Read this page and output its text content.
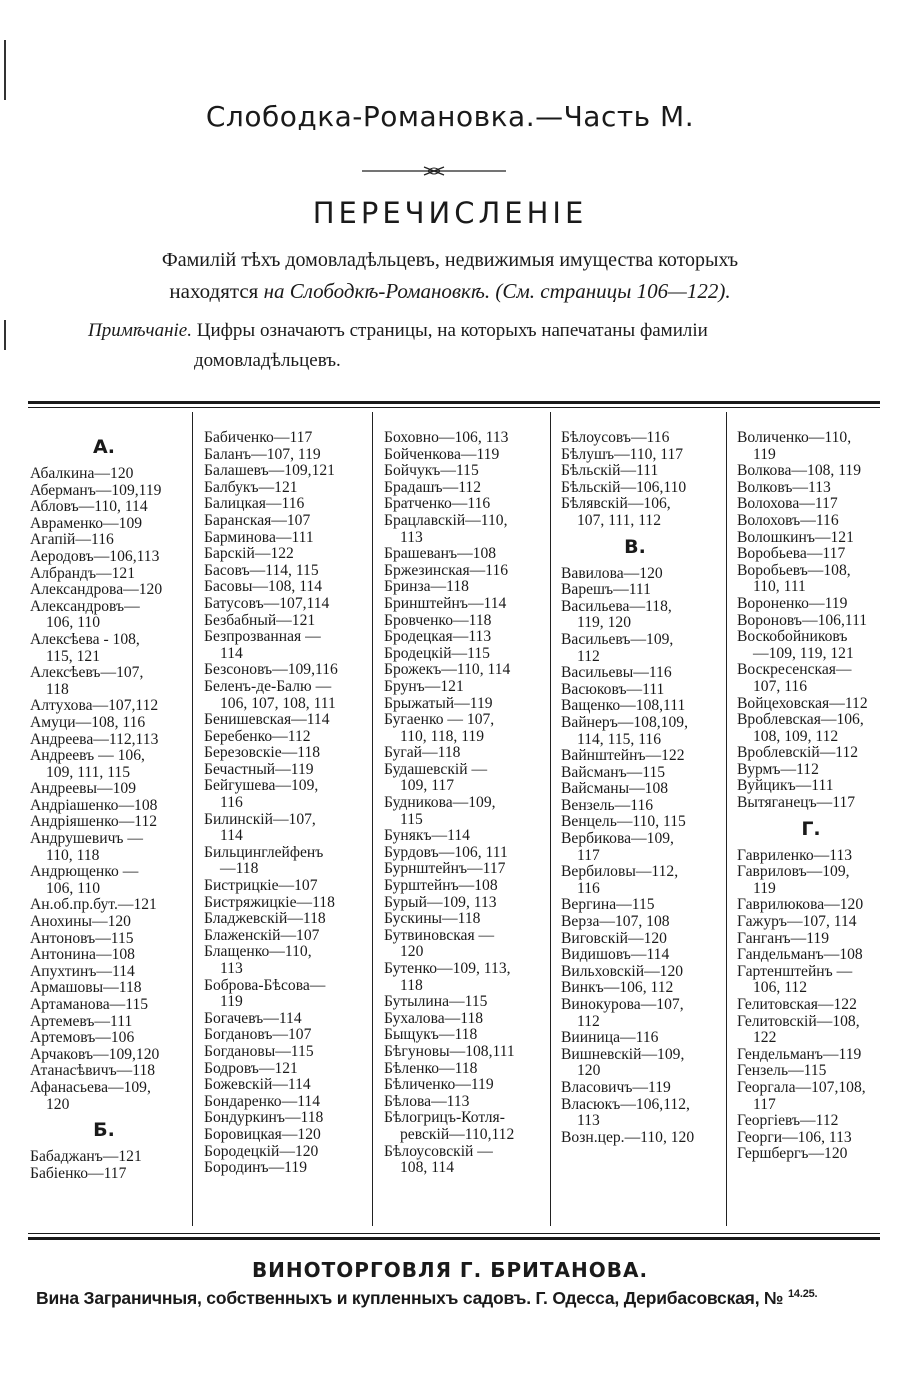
Слободка-Романовка.—Часть М.
ПЕРЕЧИСЛЕНІЕ
Фамилій тѣхъ домовладѣльцевъ, недвижимыя имущества которыхъ
находятся на Слободкѣ-Романовкѣ. (См. страницы 106—122).
Примѣчаніе. Цифры означаютъ страницы, на которыхъ напечатаны фамиліи
домовладѣльцевъ.
А.
Абалкина—120
Аберманъ—109,119
Абловъ—110, 114
Авраменко—109
Агапій—116
Аеродовъ—106,113
Албрандъ—121
Александрова—120
Александровъ—
106, 110
Алексѣева - 108,
115, 121
Алексѣевъ—107,
118
Алтухова—107,112
Амуци—108, 116
Андреева—112,113
Андреевъ — 106,
109, 111, 115
Андреевы—109
Андріашенко—108
Андріяшенко—112
Андрушевичъ —
110, 118
Андрющенко —
106, 110
Ан.об.пр.бут.—121
Анохины—120
Антоновъ—115
Антонина—108
Апухтинъ—114
Армашовы—118
Артаманова—115
Артемевъ—111
Артемовъ—106
Арчаковъ—109,120
Атанасѣвичъ—118
Афанасьева—109,
120
Б.
Бабаджанъ—121
Бабіенко—117
Бабиченко—117
Баланъ—107, 119
Балашевъ—109,121
Балбукъ—121
Балицкая—116
Баранская—107
Барминова—111
Барскій—122
Басовъ—114, 115
Басовы—108, 114
Батусовъ—107,114
Безбабный—121
Безпрозванная —
114
Безсоновъ—109,116
Беленъ-де-Балю —
106, 107, 108, 111
Бенишевская—114
Беребенко—112
Березовскіе—118
Бечастный—119
Бейгушева—109,
116
Билинскій—107,
114
Бильцинглейфенъ
—118
Бистрицкіе—107
Бистряжицкіе—118
Бладжевскій—118
Блаженскій—107
Блащенко—110,
113
Боброва-Бѣсова—
119
Богачевъ—114
Богдановъ—107
Богдановы—115
Бодровъ—121
Божевскій—114
Бондаренко—114
Бондуркинъ—118
Боровицкая—120
Бородецкій—120
Бородинъ—119
Боховно—106, 113
Бойченкова—119
Бойчукъ—115
Брадашъ—112
Братченко—116
Брацлавскій—110,
113
Брашеванъ—108
Бржезинская—116
Бринза—118
Бринштейнъ—114
Бровченко—118
Бродецкая—113
Бродецкій—115
Брожекъ—110, 114
Брунъ—121
Брыжатый—119
Бугаенко — 107,
110, 118, 119
Бугай—118
Будашевскій —
109, 117
Будникова—109,
115
Бунякъ—114
Бурдовъ—106, 111
Бурнштейнъ—117
Бурштейнъ—108
Бурый—109, 113
Бускины—118
Бутвиновская —
120
Бутенко—109, 113,
118
Бутылина—115
Бухалова—118
Быщукъ—118
Бѣгуновы—108,111
Бѣленко—118
Бѣличенко—119
Бѣлова—113
Бѣлогрицъ-Котля-
ревскій—110,112
Бѣлоусовскій —
108, 114
Бѣлоусовъ—116
Бѣлушъ—110, 117
Бѣльскій—111
Бѣльскій—106,110
Бѣлявскій—106,
107, 111, 112
В.
Вавилова—120
Варешъ—111
Васильева—118,
119, 120
Васильевъ—109,
112
Васильевы—116
Васюковъ—111
Ващенко—108,111
Вайнеръ—108,109,
114, 115, 116
Вайнштейнъ—122
Вайсманъ—115
Вайсманы—108
Вензель—116
Венцель—110, 115
Вербикова—109,
117
Вербиловы—112,
116
Вергина—115
Верза—107, 108
Виговскій—120
Видишовъ—114
Вильховскій—120
Винкъ—106, 112
Винокурова—107,
112
Вииница—116
Вишневскій—109,
120
Власовичъ—119
Власюкъ—106,112,
113
Возн.цер.—110, 120
Воличенко—110,
119
Волкова—108, 119
Волковъ—113
Волохова—117
Волоховъ—116
Волошкинъ—121
Воробьева—117
Воробьевъ—108,
110, 111
Вороненко—119
Вороновъ—106,111
Воскобойниковъ
—109, 119, 121
Воскресенская—
107, 116
Войцеховская—112
Вроблевская—106,
108, 109, 112
Вроблевскій—112
Вурмъ—112
Вуйцикъ—111
Вытяганецъ—117
Г.
Гавриленко—113
Гавриловъ—109,
119
Гаврилюкова—120
Гажуръ—107, 114
Ганганъ—119
Гандельманъ—108
Гартенштейнъ —
106, 112
Гелитовская—122
Гелитовскій—108,
122
Гендельманъ—119
Гензель—115
Георгала—107,108,
117
Георгіевъ—112
Георги—106, 113
Гершбергъ—120
ВИНОТОРГОВЛЯ Г. БРИТАНОВА.
Вина Заграничныя, собственныхъ и купленныхъ садовъ. Г. Одесса, Дерибасовская, № $^{14.25.}$
